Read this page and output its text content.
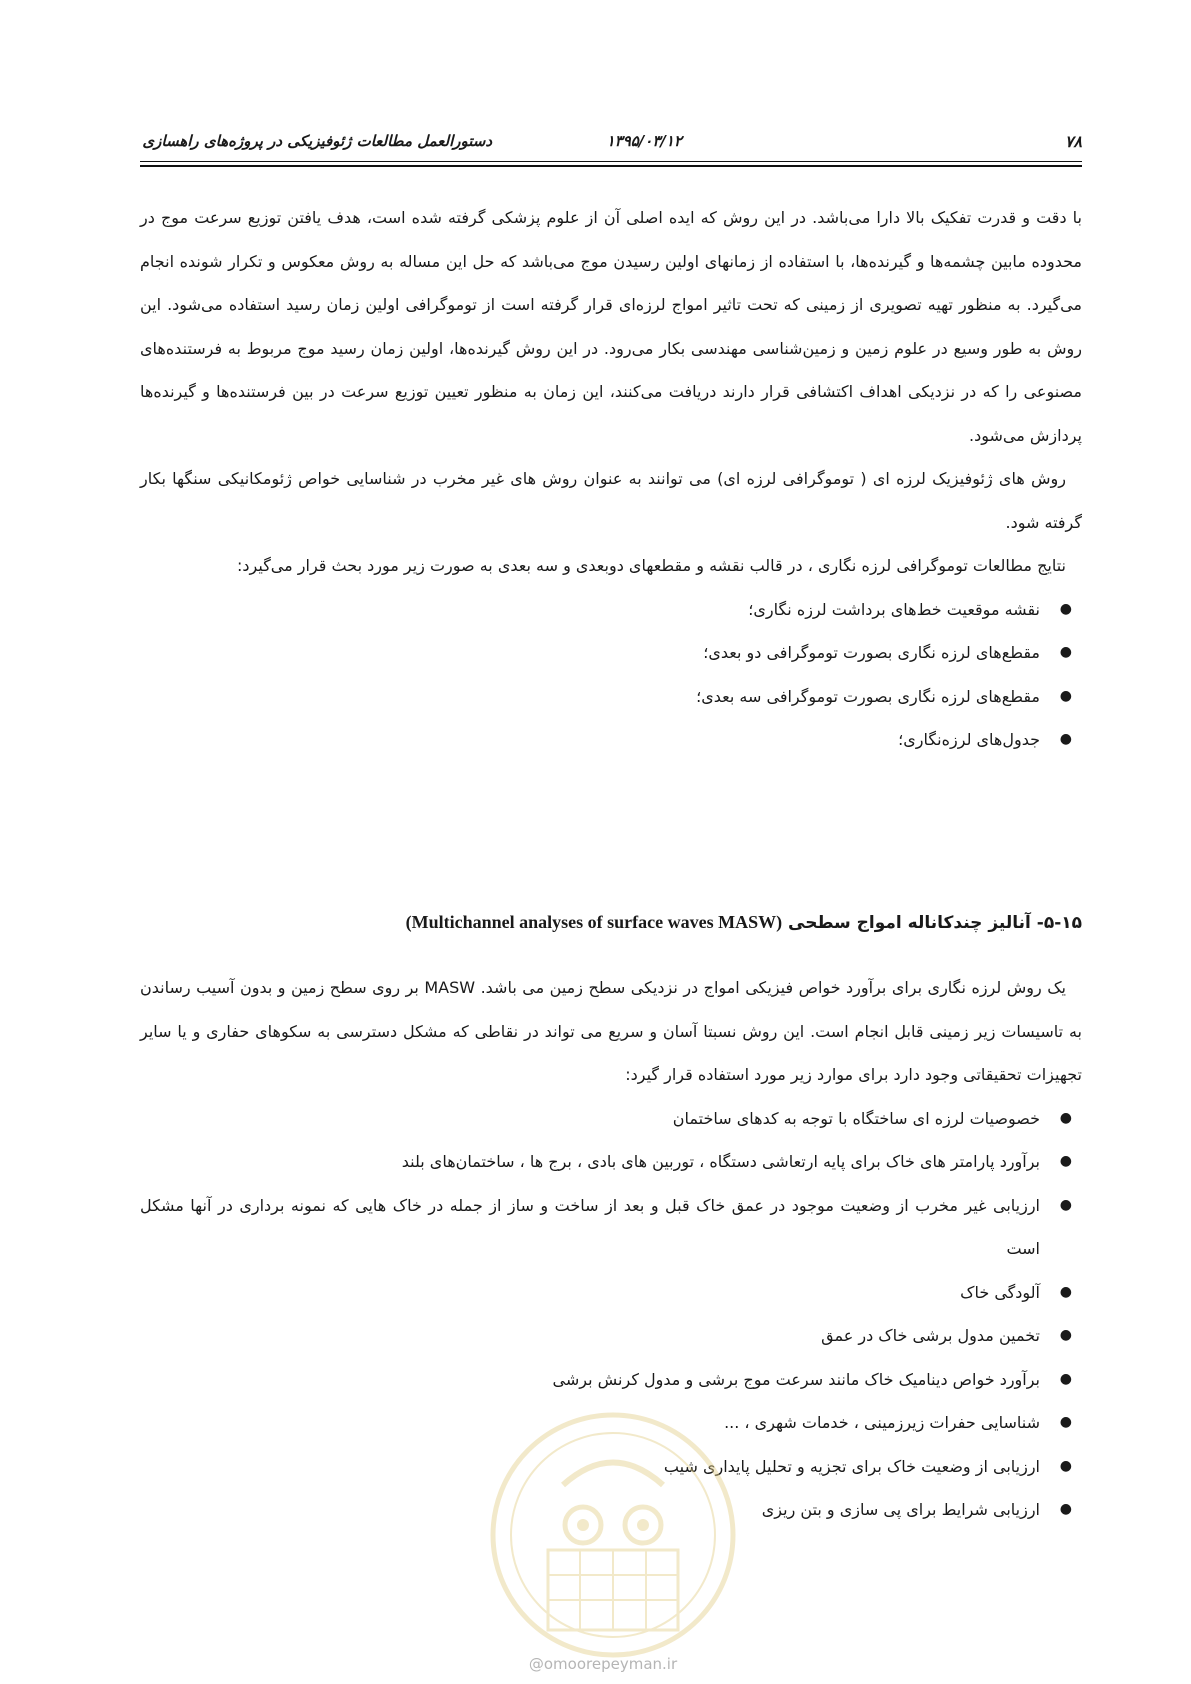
۷۸
۱۳۹۵/۰۳/۱۲
دستورالعمل مطالعات ژئوفیزیکی در پروژه‌های راهسازی

با دقت و قدرت تفکیک بالا دارا می‌باشد. در این روش که ایده اصلی آن از علوم پزشکی گرفته شده است، هدف یافتن توزیع سرعت موج در محدوده مابین چشمه‌ها و گیرنده‌ها، با استفاده از زمانهای اولین رسیدن موج می‌باشد که حل این مساله به روش معکوس و تکرار شونده انجام می‌گیرد. به منظور تهیه تصویری از زمینی که تحت تاثیر امواج لرزه‌ای قرار گرفته است از توموگرافی اولین زمان رسید استفاده می‌شود. این روش به طور وسیع در علوم زمین و زمین‌شناسی مهندسی بکار می‌رود. در این روش گیرنده‌ها، اولین زمان رسید موج مربوط به فرستنده‌های مصنوعی را که در نزدیکی اهداف اکتشافی قرار دارند دریافت می‌کنند، این زمان به منظور تعیین توزیع سرعت در بین فرستنده‌ها و گیرنده‌ها پردازش می‌شود.

روش های ژئوفیزیک لرزه ای ( توموگرافی لرزه ای) می توانند به عنوان روش های غیر مخرب در شناسایی خواص ژئومکانیکی سنگها بکار گرفته شود.

نتایج مطالعات توموگرافی لرزه نگاری ، در قالب نقشه و مقطعهای دوبعدی و سه بعدی به صورت زیر مورد بحث قرار می‌گیرد:

●
نقشه موقعیت خط‌های برداشت لرزه نگاری؛
●
مقطع‌های لرزه نگاری بصورت توموگرافی دو بعدی؛
●
مقطع‌های لرزه نگاری بصورت توموگرافی سه بعدی؛
●
جدول‌های لرزه‌نگاری؛
۵-۱۵- آنالیز چندکاناله امواج سطحی (Multichannel analyses of surface waves MASW)

یک روش لرزه نگاری برای برآورد خواص فیزیکی امواج در نزدیکی سطح زمین می باشد. MASW بر روی سطح زمین و بدون آسیب رساندن به تاسیسات زیر زمینی قابل انجام است. این روش نسبتا آسان و سریع می تواند در نقاطی که مشکل دسترسی به سکوهای حفاری و یا سایر تجهیزات تحقیقاتی وجود دارد برای موارد زیر مورد استفاده قرار گیرد:

●
خصوصیات لرزه ای ساختگاه با توجه به کدهای ساختمان
●
برآورد پارامتر های خاک برای پایه ارتعاشی دستگاه ، توربین های بادی ، برج ها ، ساختمان‌های بلند
●
ارزیابی غیر مخرب از وضعیت موجود در عمق خاک قبل و بعد از ساخت و ساز از جمله در خاک هایی که نمونه برداری در آنها مشکل است
●
آلودگی خاک
●
تخمین مدول برشی خاک در عمق
●
برآورد خواص دینامیک خاک مانند سرعت موج برشی و مدول کرنش برشی
●
شناسایی حفرات زیرزمینی ، خدمات شهری ، ...
●
ارزیابی از وضعیت خاک برای تجزیه و تحلیل پایداری شیب
●
ارزیابی شرایط برای پی سازی و بتن ریزی
@omoorepeyman.ir
